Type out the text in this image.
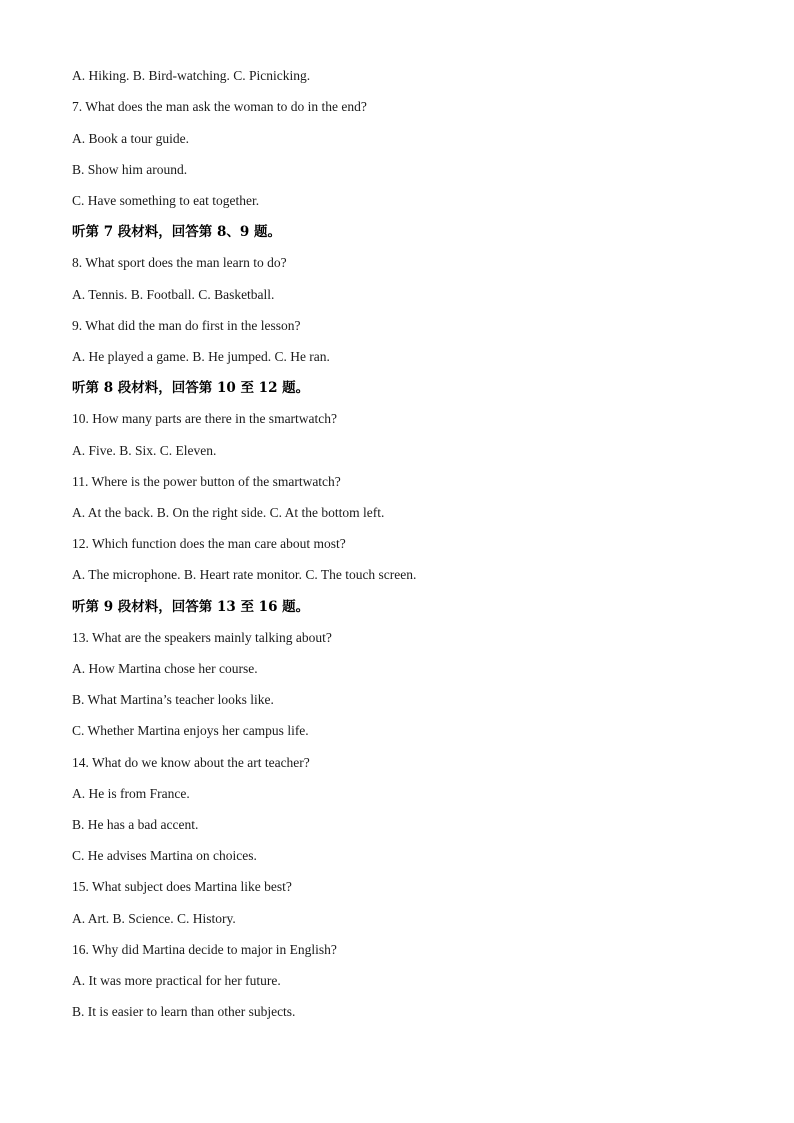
A. Hiking. B. Bird-watching. C. Picnicking.
7. What does the man ask the woman to do in the end?
A. Book a tour guide.
B. Show him around.
C. Have something to eat together.
听第 7 段材料，回答第 8、9 题。
8. What sport does the man learn to do?
A. Tennis. B. Football. C. Basketball.
9. What did the man do first in the lesson?
A. He played a game. B. He jumped. C. He ran.
听第 8 段材料，回答第 10 至 12 题。
10. How many parts are there in the smartwatch?
A. Five. B. Six. C. Eleven.
11. Where is the power button of the smartwatch?
A. At the back. B. On the right side. C. At the bottom left.
12. Which function does the man care about most?
A. The microphone. B. Heart rate monitor. C. The touch screen.
听第 9 段材料，回答第 13 至 16 题。
13. What are the speakers mainly talking about?
A. How Martina chose her course.
B. What Martina’s teacher looks like.
C. Whether Martina enjoys her campus life.
14. What do we know about the art teacher?
A. He is from France.
B. He has a bad accent.
C. He advises Martina on choices.
15. What subject does Martina like best?
A. Art. B. Science. C. History.
16. Why did Martina decide to major in English?
A. It was more practical for her future.
B. It is easier to learn than other subjects.
